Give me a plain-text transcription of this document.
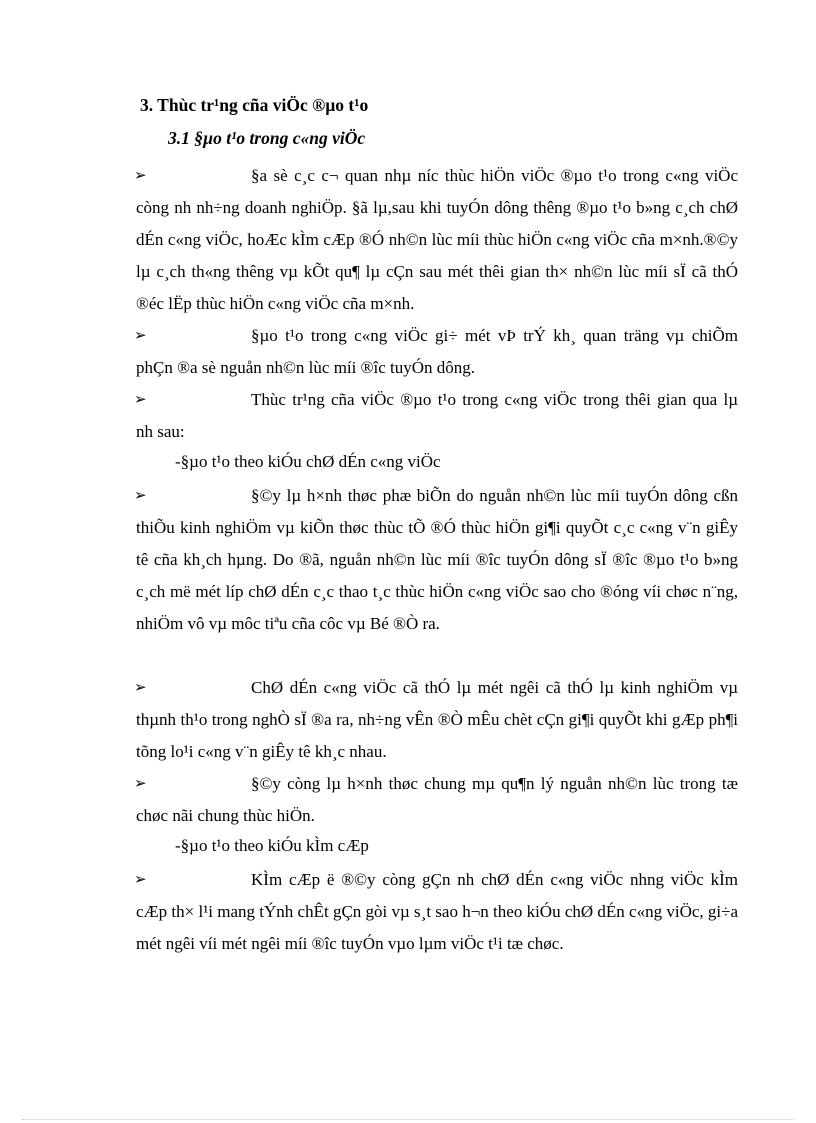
3. Thùc tr¹ng cña viÖc ®µo t¹o
3.1 §µo t¹o trong c«ng viÖc
➢	§a sè c¸c c¬ quan nhµ níc thùc hiÖn viÖc ®µo t¹o trong c«ng viÖc còng nh nh÷ng doanh nghiÖp. §ã lµ,sau khi tuyÓn dông thêng ®µo t¹o b»ng c¸ch chØ dÉn c«ng viÖc, hoÆc kÌm cÆp ®Ó nh©n lùc míi thùc hiÖn c«ng viÖc cña m×nh.®©y lµ c¸ch th«ng thêng vµ kÕt qu¶ lµ cÇn sau mét thêi gian th× nh©n lùc míi sÏ cã thÓ ®éc lËp thùc hiÖn c«ng viÖc cña m×nh.
➢	§µo t¹o trong c«ng viÖc gi÷ mét vÞ trÝ kh¸ quan träng vµ chiÕm phÇn ®a sè nguån nh©n lùc míi ®îc tuyÓn dông.
➢	Thùc tr¹ng cña viÖc ®µo t¹o trong c«ng viÖc trong thêi gian qua lµ nh sau:
-§µo t¹o theo kiÓu chØ dÉn c«ng viÖc
➢	§©y lµ h×nh thøc phæ biÕn do nguån nh©n lùc míi tuyÓn dông cßn thiÕu kinh nghiÖm vµ kiÕn thøc thùc tÕ ®Ó thùc hiÖn gi¶i quyÕt c¸c c«ng v¨n giÊy tê cña kh¸ch hµng. Do ®ã, nguån nh©n lùc míi ®îc tuyÓn dông sÏ ®îc ®µo t¹o b»ng c¸ch më mét líp chØ dÉn c¸c thao t¸c thùc hiÖn c«ng viÖc sao cho ®óng víi chøc n¨ng, nhiÖm vô vµ môc tiªu cña côc vµ Bé ®Ò ra.
➢	ChØ dÉn c«ng viÖc cã thÓ lµ mét ngêi cã thÓ lµ kinh nghiÖm vµ thµnh th¹o trong nghÒ sÏ ®a ra, nh÷ng vÊn ®Ò mÊu chèt cÇn gi¶i quyÕt khi gÆp ph¶i tõng lo¹i c«ng v¨n giÊy tê kh¸c nhau.
➢	§©y còng lµ h×nh thøc chung mµ qu¶n lý nguån nh©n lùc trong tæ chøc nãi chung thùc hiÖn.
-§µo t¹o theo kiÓu kÌm cÆp
➢	KÌm cÆp ë ®©y còng gÇn nh chØ dÉn c«ng viÖc nhng viÖc kÌm cÆp th× l¹i mang tÝnh chÊt gÇn gòi vµ s¸t sao h¬n theo kiÓu chØ dÉn c«ng viÖc, gi÷a mét ngêi víi mét ngêi míi ®îc tuyÓn vµo lµm viÖc t¹i tæ chøc.
